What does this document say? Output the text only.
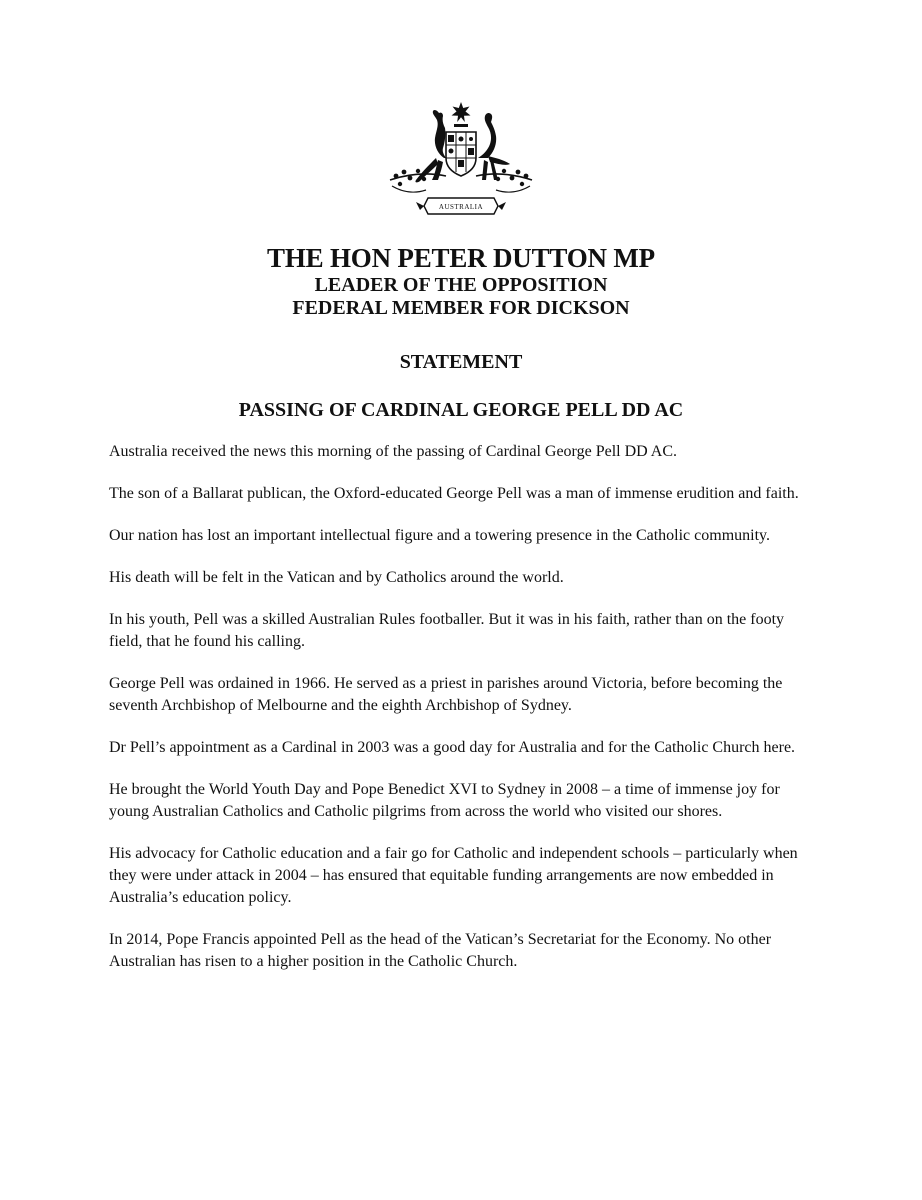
AUSTRALIA
THE HON PETER DUTTON MP
LEADER OF THE OPPOSITION
FEDERAL MEMBER FOR DICKSON
STATEMENT
PASSING OF CARDINAL GEORGE PELL DD AC

Australia received the news this morning of the passing of Cardinal George Pell DD AC.

The son of a Ballarat publican, the Oxford-educated George Pell was a man of immense erudition and faith.

Our nation has lost an important intellectual figure and a towering presence in the Catholic community.

His death will be felt in the Vatican and by Catholics around the world.

In his youth, Pell was a skilled Australian Rules footballer. But it was in his faith, rather than on the footy field, that he found his calling.

George Pell was ordained in 1966. He served as a priest in parishes around Victoria, before becoming the seventh Archbishop of Melbourne and the eighth Archbishop of Sydney.

Dr Pell’s appointment as a Cardinal in 2003 was a good day for Australia and for the Catholic Church here.

He brought the World Youth Day and Pope Benedict XVI to Sydney in 2008 – a time of immense joy for young Australian Catholics and Catholic pilgrims from across the world who visited our shores.

His advocacy for Catholic education and a fair go for Catholic and independent schools – particularly when they were under attack in 2004 – has ensured that equitable funding arrangements are now embedded in Australia’s education policy.

In 2014, Pope Francis appointed Pell as the head of the Vatican’s Secretariat for the Economy. No other Australian has risen to a higher position in the Catholic Church.
